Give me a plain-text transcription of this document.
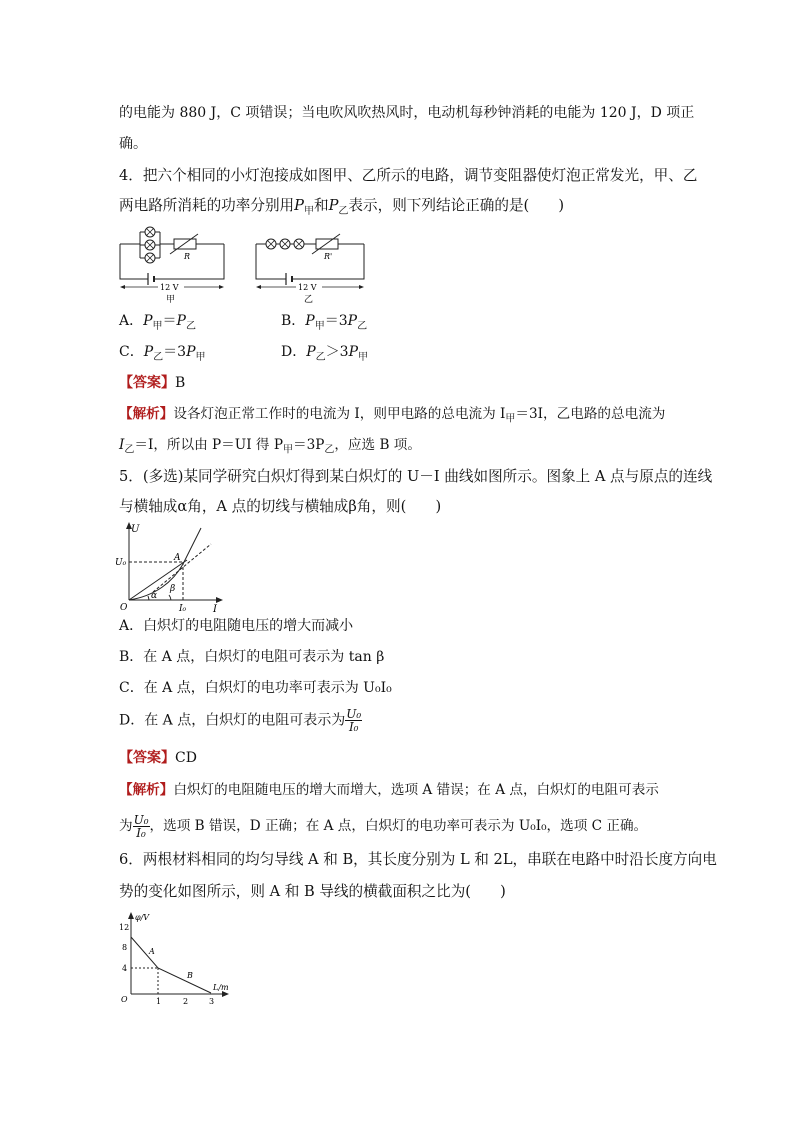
的电能为 880 J，C 项错误；当电吹风吹热风时，电动机每秒钟消耗的电能为 120 J，D 项正
确。
4．把六个相同的小灯泡接成如图甲、乙所示的电路，调节变阻器使灯泡正常发光，甲、乙
两电路所消耗的功率分别用$P_甲$和$P_乙$表示，则下列结论正确的是(　　)
R	R'
12 V	12 V
甲	乙
A．$P_甲=P_乙$	B．$P_甲=3P_乙$
C．$P_乙=3P_甲$	D．$P_乙>3P_甲$
【答案】B
【解析】设各灯泡正常工作时的电流为 I，则甲电路的总电流为 $I_甲=3I$，乙电路的总电流为
$I_乙=I$，所以由 P＝UI 得 $P_甲=3P_乙$，应选 B 项。
5．(多选)某同学研究白炽灯得到某白炽灯的 U－I 曲线如图所示。图象上 A 点与原点的连线
与横轴成α角，A 点的切线与横轴成β角，则(　　)
U
I
U₀
I₀
O
A
α
β
A．白炽灯的电阻随电压的增大而减小
B．在 A 点，白炽灯的电阻可表示为 tan β
C．在 A 点，白炽灯的电功率可表示为 U₀I₀
D．在 A 点，白炽灯的电阻可表示为 $\frac{\text{U₀}}{\text{I₀}}$
【答案】CD
【解析】白炽灯的电阻随电压的增大而增大，选项 A 错误；在 A 点，白炽灯的电阻可表示
为 $\frac{\text{U₀}}{\text{I₀}}$ ，选项 B 错误，D 正确；在 A 点，白炽灯的电功率可表示为 U₀I₀，选项 C 正确。
6．两根材料相同的均匀导线 A 和 B，其长度分别为 L 和 2L，串联在电路中时沿长度方向电
势的变化如图所示，则 A 和 B 导线的横截面积之比为(　　)
φ/V
L/m
12
8
4
O	1	2	3
A
B
